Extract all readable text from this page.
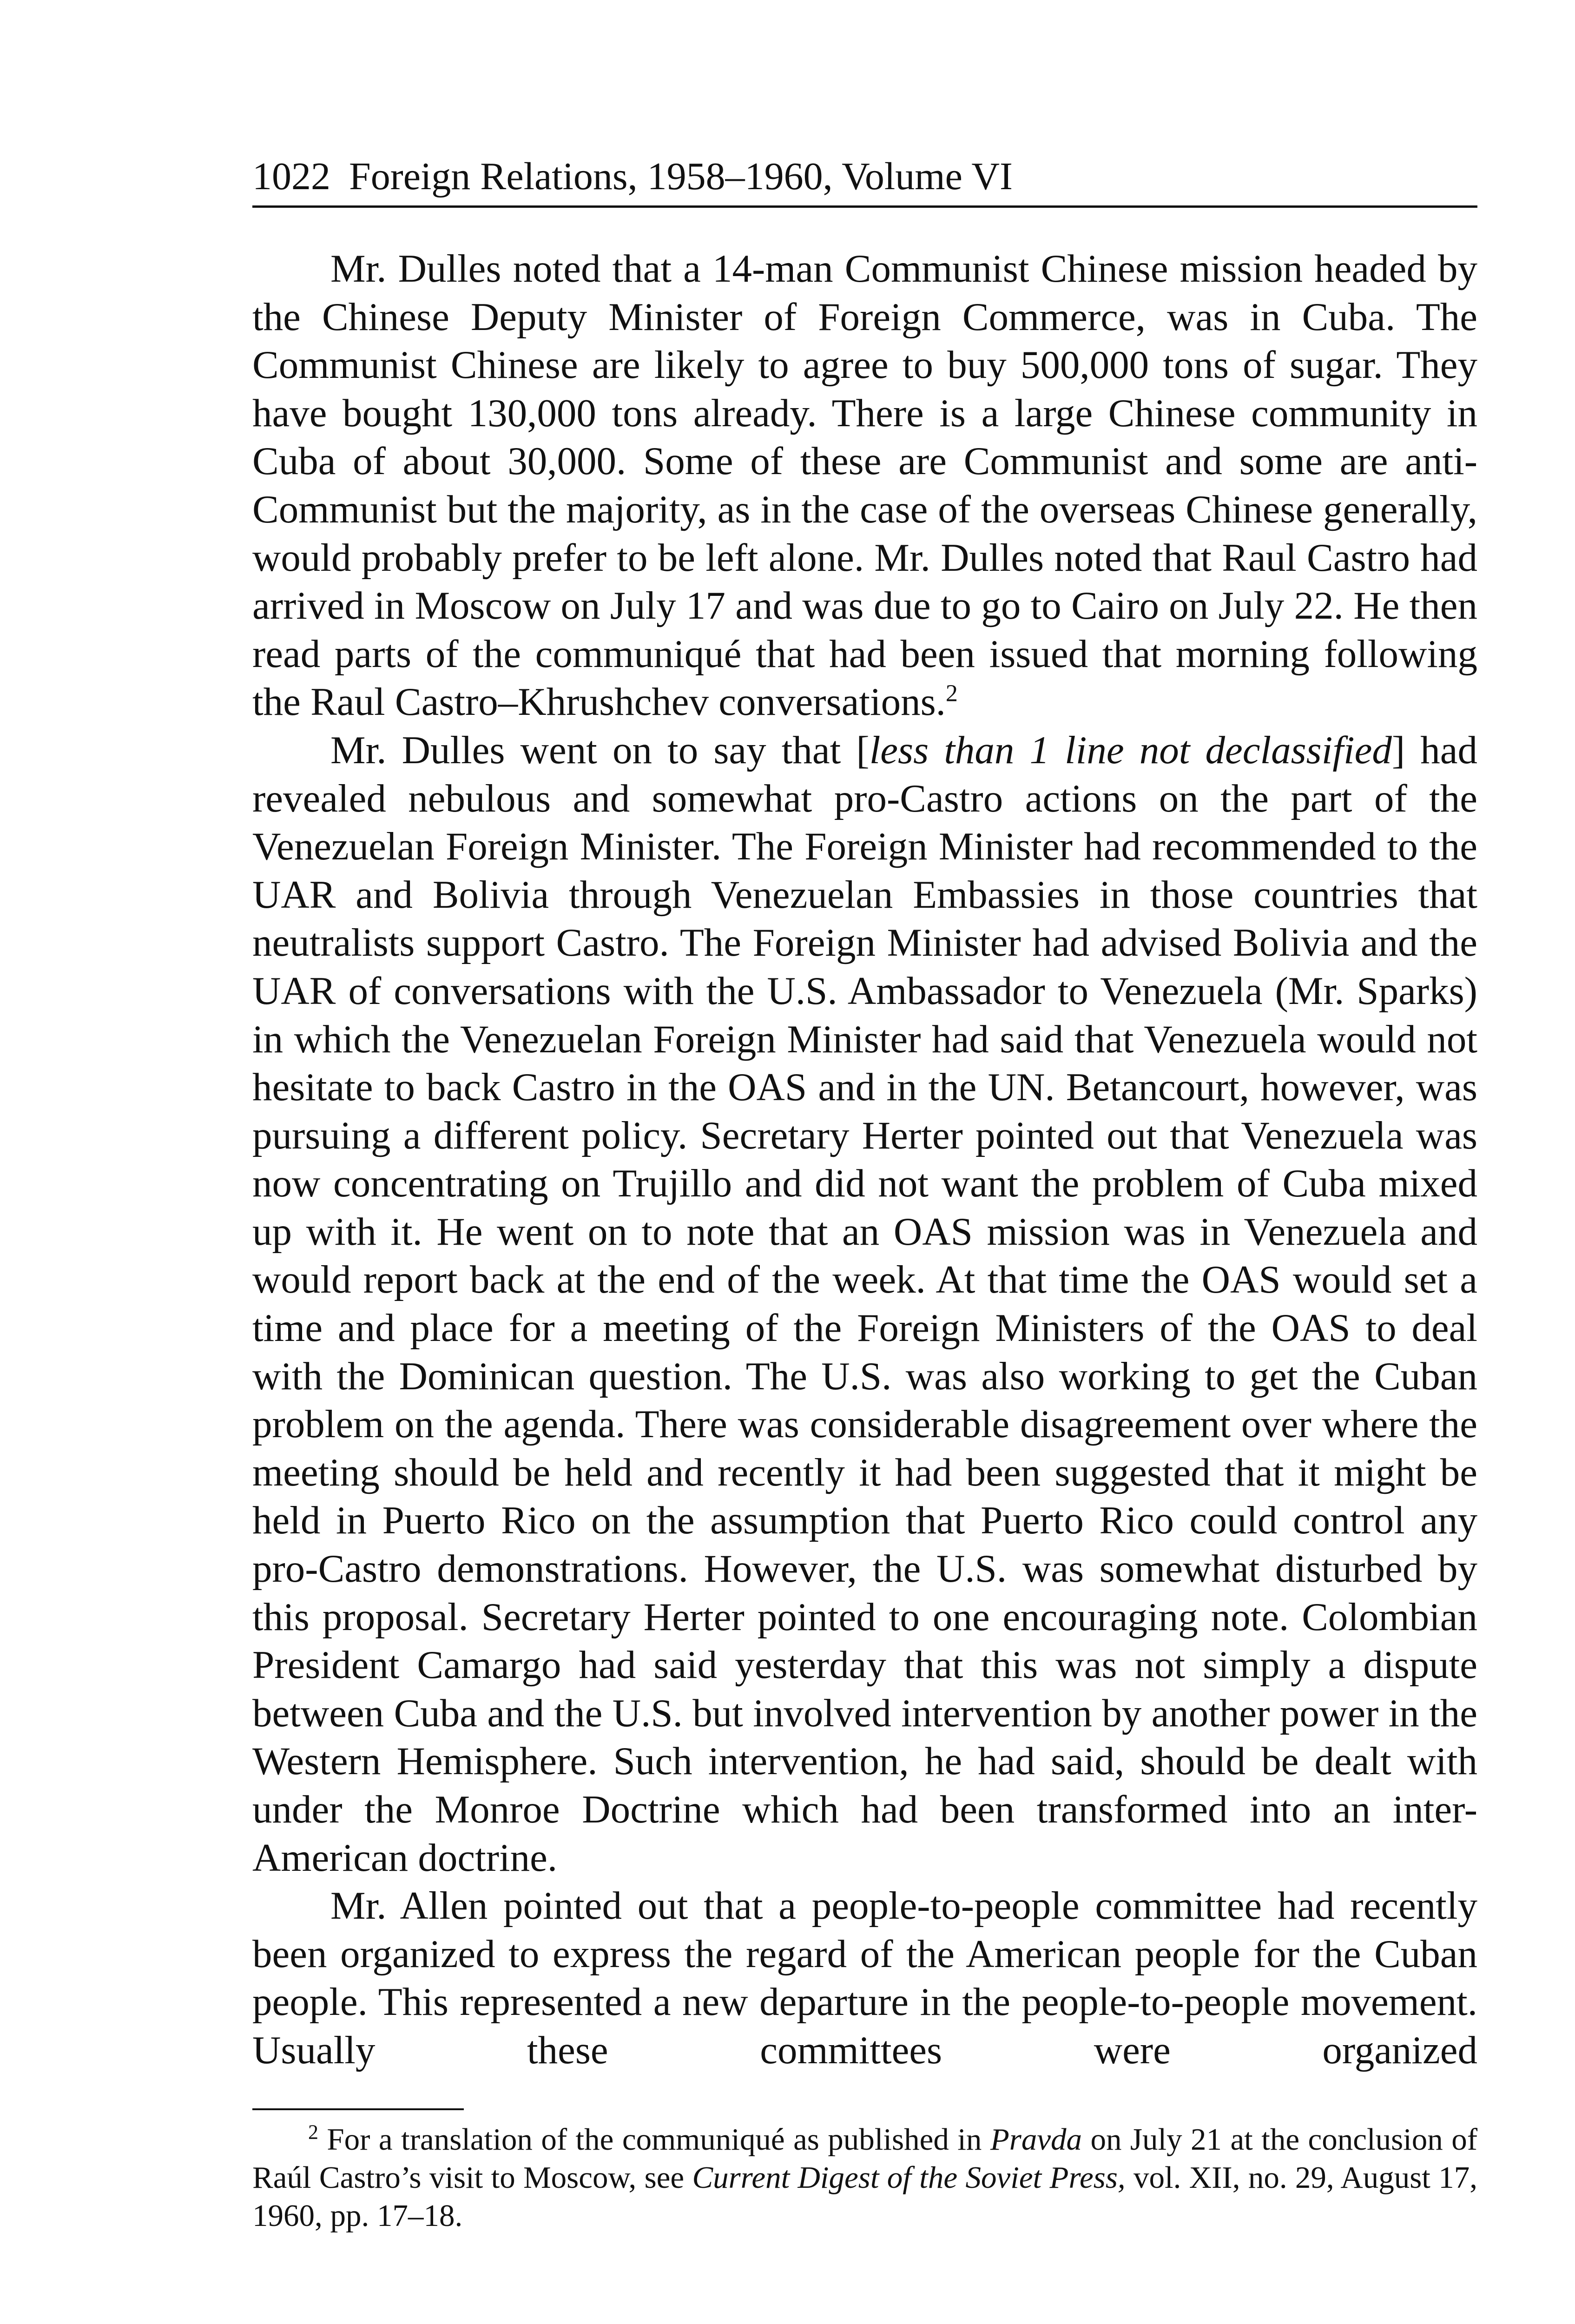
1022 Foreign Relations, 1958–1960, Volume VI

Mr. Dulles noted that a 14-man Communist Chinese mission headed by the Chinese Deputy Minister of Foreign Commerce, was in Cuba. The Communist Chinese are likely to agree to buy 500,000 tons of sugar. They have bought 130,000 tons already. There is a large Chinese community in Cuba of about 30,000. Some of these are Communist and some are anti-Communist but the majority, as in the case of the overseas Chinese generally, would probably prefer to be left alone. Mr. Dulles noted that Raul Castro had arrived in Moscow on July 17 and was due to go to Cairo on July 22. He then read parts of the communiqué that had been issued that morning following the Raul Castro–Khrushchev conversations.$^2$

Mr. Dulles went on to say that [less than 1 line not declassified] had revealed nebulous and somewhat pro-Castro actions on the part of the Venezuelan Foreign Minister. The Foreign Minister had recommended to the UAR and Bolivia through Venezuelan Embassies in those countries that neutralists support Castro. The Foreign Minister had advised Bolivia and the UAR of conversations with the U.S. Ambassador to Venezuela (Mr. Sparks) in which the Venezuelan Foreign Minister had said that Venezuela would not hesitate to back Castro in the OAS and in the UN. Betancourt, however, was pursuing a different policy. Secretary Herter pointed out that Venezuela was now concentrating on Trujillo and did not want the problem of Cuba mixed up with it. He went on to note that an OAS mission was in Venezuela and would report back at the end of the week. At that time the OAS would set a time and place for a meeting of the Foreign Ministers of the OAS to deal with the Dominican question. The U.S. was also working to get the Cuban problem on the agenda. There was considerable disagreement over where the meeting should be held and recently it had been suggested that it might be held in Puerto Rico on the assumption that Puerto Rico could control any pro-Castro demonstrations. However, the U.S. was somewhat disturbed by this proposal. Secretary Herter pointed to one encouraging note. Colombian President Camargo had said yesterday that this was not simply a dispute between Cuba and the U.S. but involved intervention by another power in the Western Hemisphere. Such intervention, he had said, should be dealt with under the Monroe Doctrine which had been transformed into an inter-American doctrine.

Mr. Allen pointed out that a people-to-people committee had recently been organized to express the regard of the American people for the Cuban people. This represented a new departure in the people-to-people movement. Usually these committees were organized

$^2$ For a translation of the communiqué as published in Pravda on July 21 at the conclusion of Raúl Castro’s visit to Moscow, see Current Digest of the Soviet Press, vol. XII, no. 29, August 17, 1960, pp. 17–18.
